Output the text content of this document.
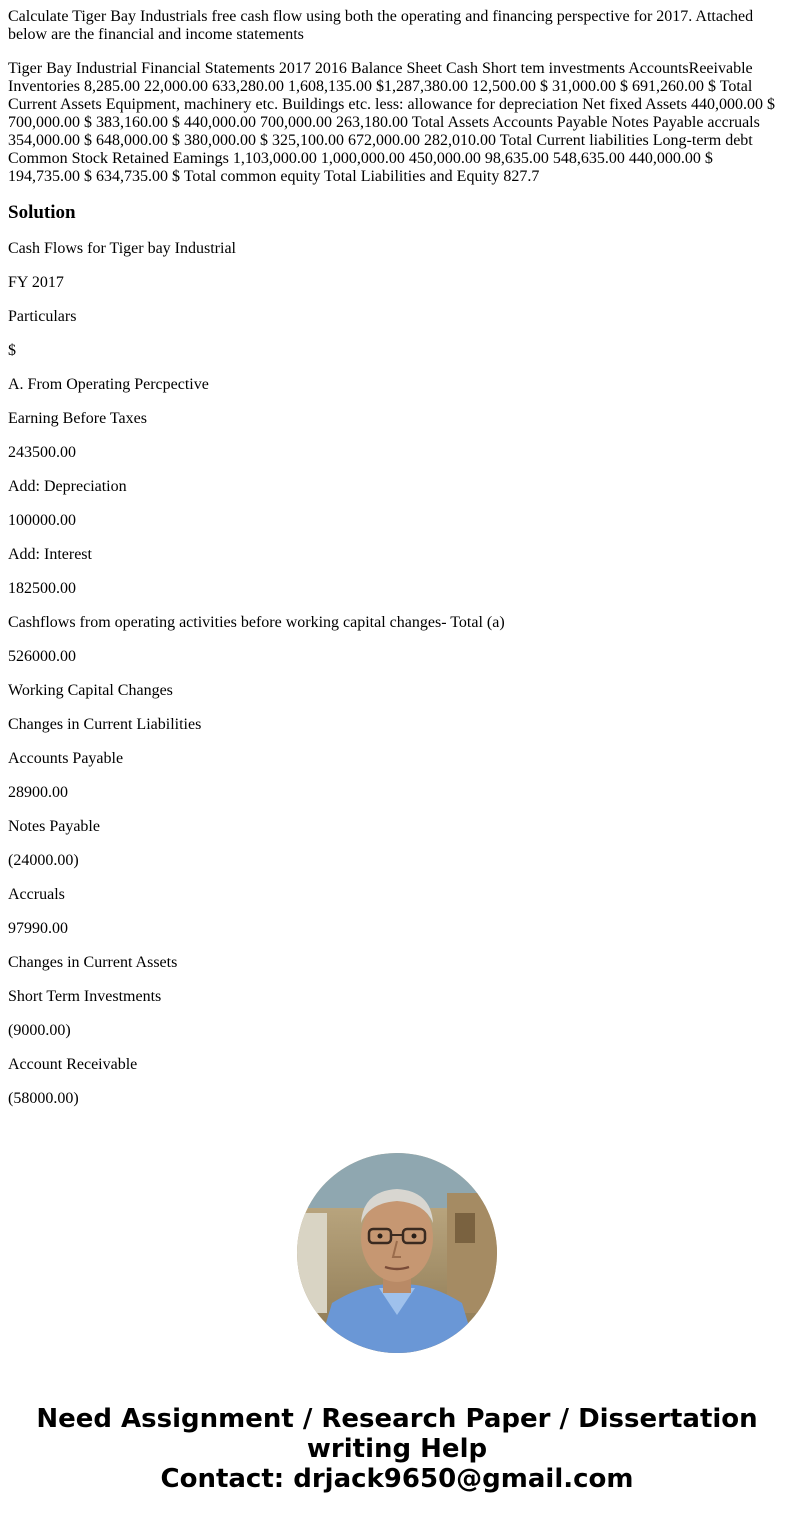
Calculate Tiger Bay Industrials free cash flow using both the operating and financing perspective for 2017. Attached below are the financial and income statements

Tiger Bay Industrial Financial Statements 2017 2016 Balance Sheet Cash Short tem investments AccountsReeivable Inventories 8,285.00 22,000.00 633,280.00 1,608,135.00 $1,287,380.00 12,500.00 $ 31,000.00 $ 691,260.00 $ Total Current Assets Equipment, machinery etc. Buildings etc. less: allowance for depreciation Net fixed Assets 440,000.00 $ 700,000.00 $ 383,160.00 $ 440,000.00 700,000.00 263,180.00 Total Assets Accounts Payable Notes Payable accruals 354,000.00 $ 648,000.00 $ 380,000.00 $ 325,100.00 672,000.00 282,010.00 Total Current liabilities Long-term debt Common Stock Retained Eamings 1,103,000.00 1,000,000.00 450,000.00 98,635.00 548,635.00 440,000.00 $ 194,735.00 $ 634,735.00 $ Total common equity Total Liabilities and Equity 827.7

Solution

Cash Flows for Tiger bay Industrial

FY 2017

Particulars

$

A. From Operating Percpective

Earning Before Taxes

243500.00

Add: Depreciation

100000.00

Add: Interest

182500.00

Cashflows from operating activities before working capital changes- Total (a)

526000.00

Working Capital Changes

Changes in Current Liabilities

Accounts Payable

28900.00

Notes Payable

(24000.00)

Accruals

97990.00

Changes in Current Assets

Short Term Investments

(9000.00)

Account Receivable

(58000.00)

Need Assignment / Research Paper / Dissertation
writing Help
Contact: drjack9650@gmail.com
